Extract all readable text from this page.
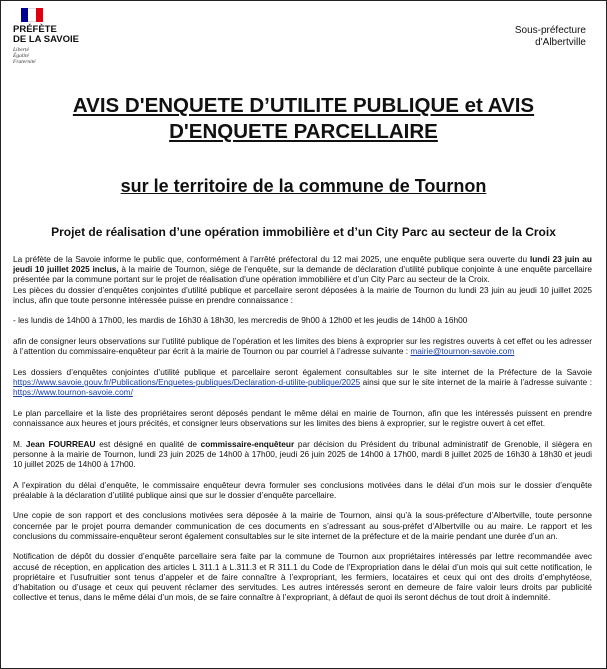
PRÉFÈTE
DE LA SAVOIE
Liberté
Égalité
Fraternité
Sous-préfecture
d'Albertville
AVIS D'ENQUETE D’UTILITE PUBLIQUE et AVIS D'ENQUETE PARCELLAIRE
sur le territoire de la commune de Tournon
Projet de réalisation d’une opération immobilière et d’un City Parc au secteur de la Croix

La préfète de la Savoie informe le public que, conformément à l’arrêté préfectoral du 12 mai 2025, une enquête publique sera ouverte du lundi 23 juin au jeudi 10 juillet 2025 inclus, à la mairie de Tournon, siège de l’enquête, sur la demande de déclaration d’utilité publique conjointe à une enquête parcellaire présentée par la commune portant sur le projet de réalisation d’une opération immobilière et d’un City Parc au secteur de la Croix.

Les pièces du dossier d’enquêtes conjointes d’utilité publique et parcellaire seront déposées à la mairie de Tournon du lundi 23 juin au jeudi 10 juillet 2025 inclus, afin que toute personne intéressée puisse en prendre connaissance :

- les lundis de 14h00 à 17h00, les mardis de 16h30 à 18h30, les mercredis de 9h00 à 12h00 et les jeudis de 14h00 à 16h00

afin de consigner leurs observations sur l’utilité publique de l’opération et les limites des biens à exproprier sur les registres ouverts à cet effet ou les adresser à l’attention du commissaire-enquêteur par écrit à la mairie de Tournon ou par courriel à l’adresse suivante : mairie@tournon-savoie.com

Les dossiers d’enquêtes conjointes d’utilité publique et parcellaire seront également consultables sur le site internet de la Préfecture de la Savoie https://www.savoie.gouv.fr/Publications/Enquetes-publiques/Declaration-d-utilite-publique/2025 ainsi que sur le site internet de la mairie à l’adresse suivante : https://www.tournon-savoie.com/

Le plan parcellaire et la liste des propriétaires seront déposés pendant le même délai en mairie de Tournon, afin que les intéressés puissent en prendre connaissance aux heures et jours précités, et consigner leurs observations sur les limites des biens à exproprier, sur le registre ouvert à cet effet.

M. Jean FOURREAU est désigné en qualité de commissaire-enquêteur par décision du Président du tribunal administratif de Grenoble, il siègera en personne à la mairie de Tournon, lundi 23 juin 2025 de 14h00 à 17h00, jeudi 26 juin 2025 de 14h00 à 17h00, mardi 8 juillet 2025 de 16h30 à 18h30 et jeudi 10 juillet 2025 de 14h00 à 17h00.

A l’expiration du délai d’enquête, le commissaire enquêteur devra formuler ses conclusions motivées dans le délai d’un mois sur le dossier d’enquête préalable à la déclaration d’utilité publique ainsi que sur le dossier d’enquête parcellaire.

Une copie de son rapport et des conclusions motivées sera déposée à la mairie de Tournon, ainsi qu’à la sous-préfecture d’Albertville, toute personne concernée par le projet pourra demander communication de ces documents en s’adressant au sous-préfet d’Albertville ou au maire. Le rapport et les conclusions du commissaire-enquêteur seront également consultables sur le site internet de la préfecture et de la mairie pendant une durée d’un an.

Notification de dépôt du dossier d’enquête parcellaire sera faite par la commune de Tournon aux propriétaires intéressés par lettre recommandée avec accusé de réception, en application des articles L 311.1 à L.311.3 et R 311.1 du Code de l’Expropriation dans le délai d’un mois qui suit cette notification, le propriétaire et l’usufruitier sont tenus d’appeler et de faire connaître à l’expropriant, les fermiers, locataires et ceux qui ont des droits d’emphytéose, d’habitation ou d’usage et ceux qui peuvent réclamer des servitudes. Les autres intéressés seront en demeure de faire valoir leurs droits par publicité collective et tenus, dans le même délai d’un mois, de se faire connaître à l’expropriant, à défaut de quoi ils seront déchus de tout droit à indemnité.
